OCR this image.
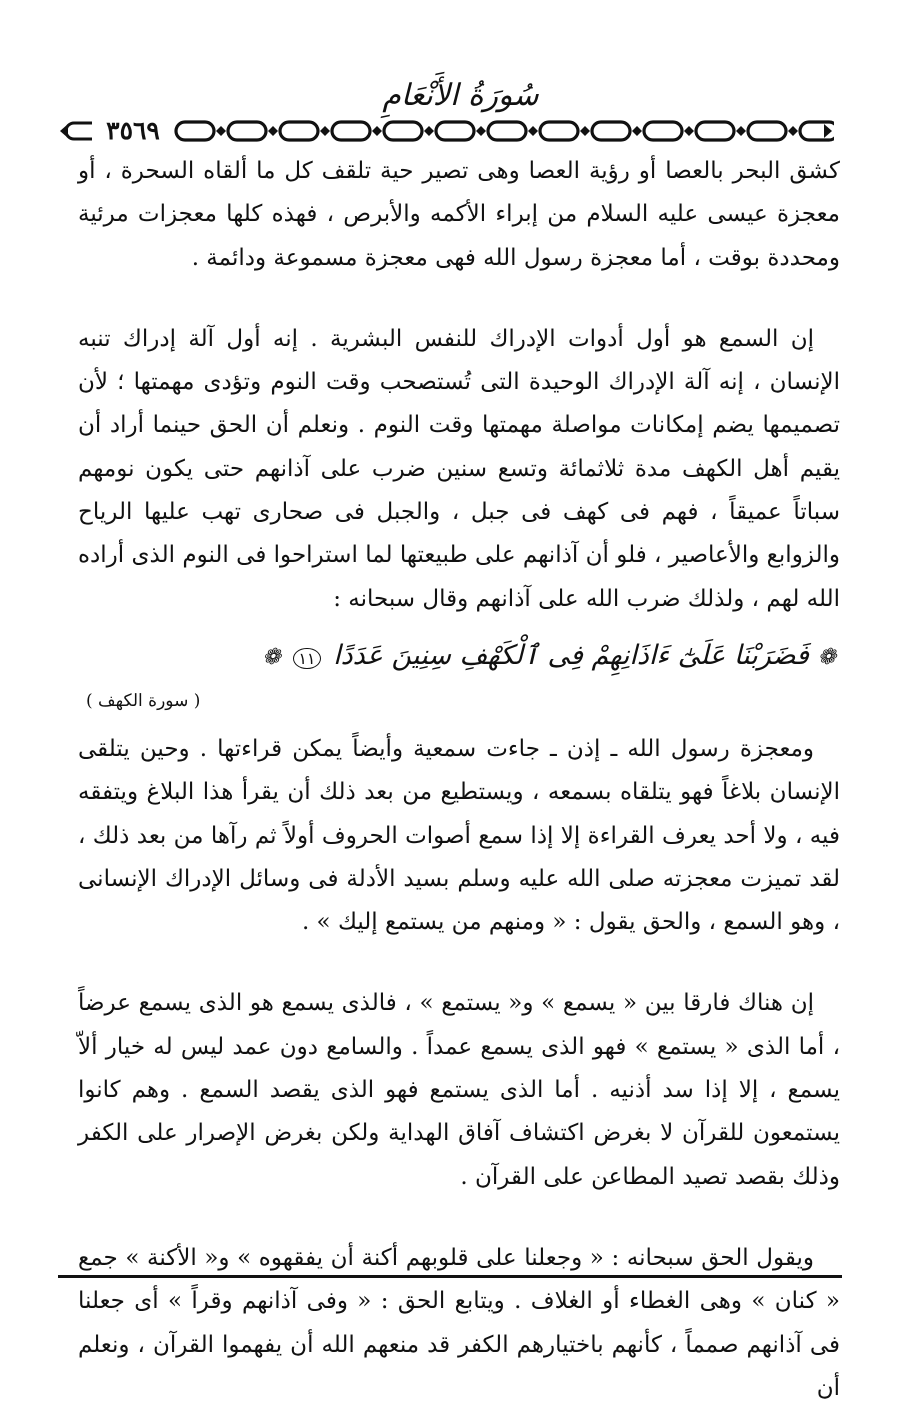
سُورَةُ الأَنْعَامِ
٣٥٦٩

كشق البحر بالعصا أو رؤية العصا وهى تصير حية تلقف كل ما ألقاه السحرة ، أو معجزة عيسى عليه السلام من إبراء الأكمه والأبرص ، فهذه كلها معجزات مرئية ومحددة بوقت ، أما معجزة رسول الله فهى معجزة مسموعة ودائمة .

إن السمع هو أول أدوات الإدراك للنفس البشرية . إنه أول آلة إدراك تنبه الإنسان ، إنه آلة الإدراك الوحيدة التى تُستصحب وقت النوم وتؤدى مهمتها ؛ لأن تصميمها يضم إمكانات مواصلة مهمتها وقت النوم . ونعلم أن الحق حينما أراد أن يقيم أهل الكهف مدة ثلاثمائة وتسع سنين ضرب على آذانهم حتى يكون نومهم سباتاً عميقاً ، فهم فى كهف فى جبل ، والجبل فى صحارى تهب عليها الرياح والزوابع والأعاصير ، فلو أن آذانهم على طبيعتها لما استراحوا فى النوم الذى أراده الله لهم ، ولذلك ضرب الله على آذانهم وقال سبحانه :

❁ فَضَرَبْنَا عَلَىٰٓ ءَاذَانِهِمْ فِى ٱلْكَهْفِ سِنِينَ عَدَدًا ١١ ❁
( سورة الكهف )

ومعجزة رسول الله ـ إذن ـ جاءت سمعية وأيضاً يمكن قراءتها . وحين يتلقى الإنسان بلاغاً فهو يتلقاه بسمعه ، ويستطيع من بعد ذلك أن يقرأ هذا البلاغ ويتفقه فيه ، ولا أحد يعرف القراءة إلا إذا سمع أصوات الحروف أولاً ثم رآها من بعد ذلك ، لقد تميزت معجزته صلى الله عليه وسلم بسيد الأدلة فى وسائل الإدراك الإنسانى ، وهو السمع ، والحق يقول : « ومنهم من يستمع إليك » .

إن هناك فارقا بين « يسمع » و« يستمع » ، فالذى يسمع هو الذى يسمع عرضاً ، أما الذى « يستمع » فهو الذى يسمع عمداً . والسامع دون عمد ليس له خيار ألاّ يسمع ، إلا إذا سد أذنيه . أما الذى يستمع فهو الذى يقصد السمع . وهم كانوا يستمعون للقرآن لا بغرض اكتشاف آفاق الهداية ولكن بغرض الإصرار على الكفر وذلك بقصد تصيد المطاعن على القرآن .

ويقول الحق سبحانه : « وجعلنا على قلوبهم أكنة أن يفقهوه » و« الأكنة » جمع « كنان » وهى الغطاء أو الغلاف . ويتابع الحق : « وفى آذانهم وقراً » أى جعلنا فى آذانهم صمماً ، كأنهم باختيارهم الكفر قد منعهم الله أن يفهموا القرآن ، ونعلم أن
